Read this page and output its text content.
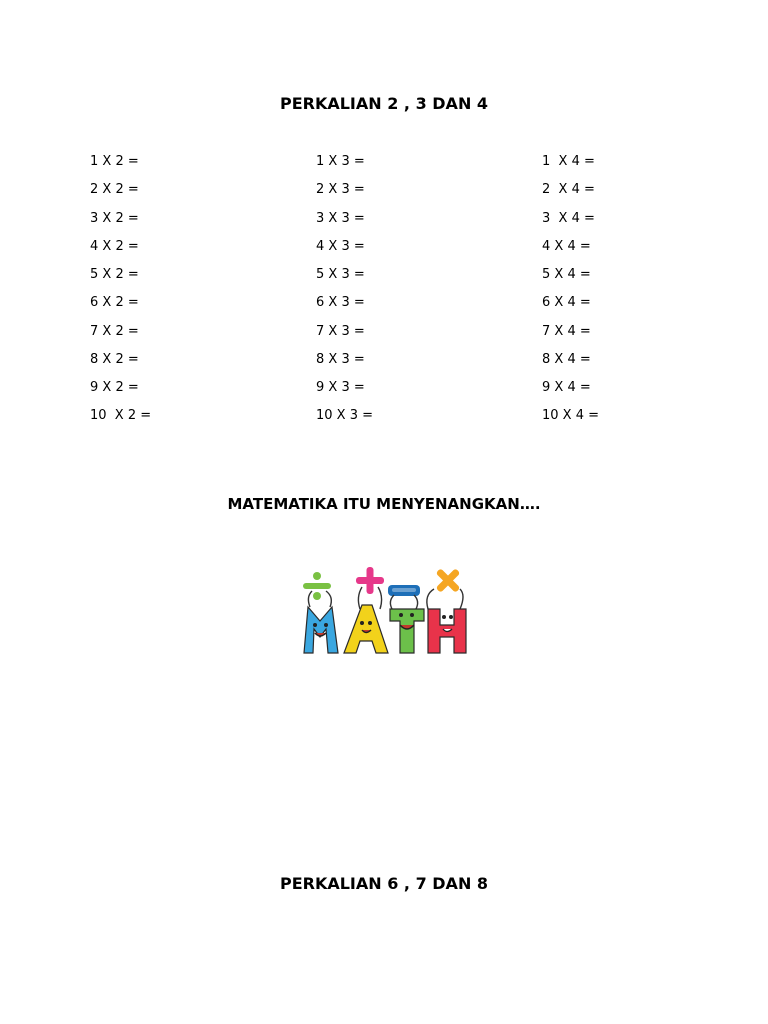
PERKALIAN 2 , 3 DAN 4
1 X 2 =
2 X 2 =
3 X 2 =
4 X 2 =
5 X 2 =
6 X 2 =
7 X 2 =
8 X 2 =
9 X 2 =
10  X 2 =
1 X 3 =
2 X 3 =
3 X 3 =
4 X 3 =
5 X 3 =
6 X 3 =
7 X 3 =
8 X 3 =
9 X 3 =
10 X 3 =
1  X 4 =
2  X 4 =
3  X 4 =
4 X 4 =
5 X 4 =
6 X 4 =
7 X 4 =
8 X 4 =
9 X 4 =
10 X 4 =
MATEMATIKA ITU MENYENANGKAN….
PERKALIAN 6 , 7 DAN 8
